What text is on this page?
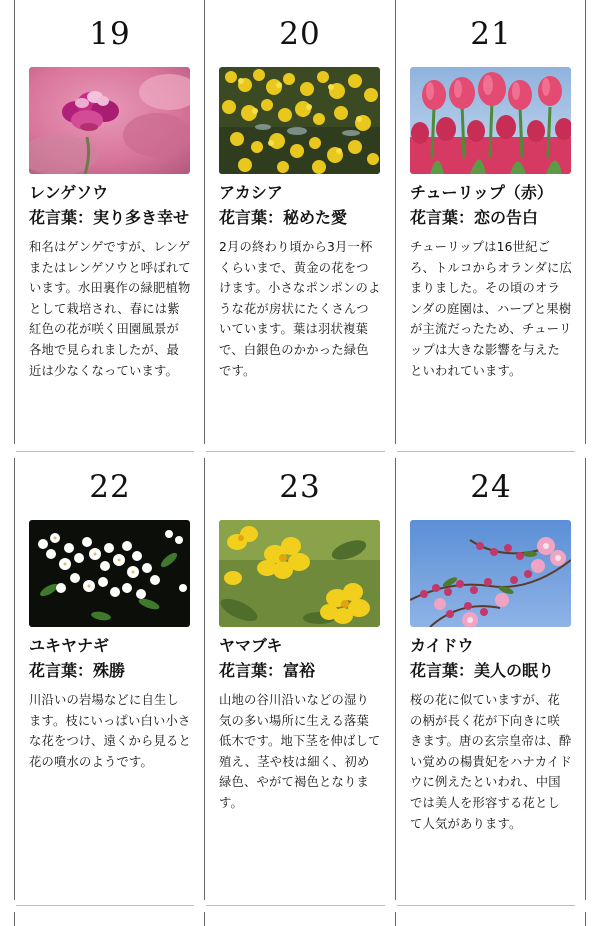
19
レンゲソウ
花言葉：実り多き幸せ
和名はゲンゲですが、レンゲまたはレンゲソウと呼ばれています。水田裏作の緑肥植物として栽培され、春には紫紅色の花が咲く田園風景が各地で見られましたが、最近は少なくなっています。
20
アカシア
花言葉：秘めた愛
2月の終わり頃から3月一杯くらいまで、黄金の花をつけます。小さなポンポンのような花が房状にたくさんついています。葉は羽状複葉で、白銀色のかかった緑色です。
21
チューリップ（赤）
花言葉：恋の告白
チューリップは16世紀ごろ、トルコからオランダに広まりました。その頃のオランダの庭園は、ハーブと果樹が主流だったため、チューリップは大きな影響を与えたといわれています。
22
ユキヤナギ
花言葉：殊勝
川沿いの岩場などに自生します。枝にいっぱい白い小さな花をつけ、遠くから見ると花の噴水のようです。
23
ヤマブキ
花言葉：富裕
山地の谷川沿いなどの湿り気の多い場所に生える落葉低木です。地下茎を伸ばして殖え、茎や枝は細く、初め緑色、やがて褐色となります。
24
カイドウ
花言葉：美人の眠り
桜の花に似ていますが、花の柄が長く花が下向きに咲きます。唐の玄宗皇帝は、酔い覚めの楊貴妃をハナカイドウに例えたといわれ、中国では美人を形容する花として人気があります。
